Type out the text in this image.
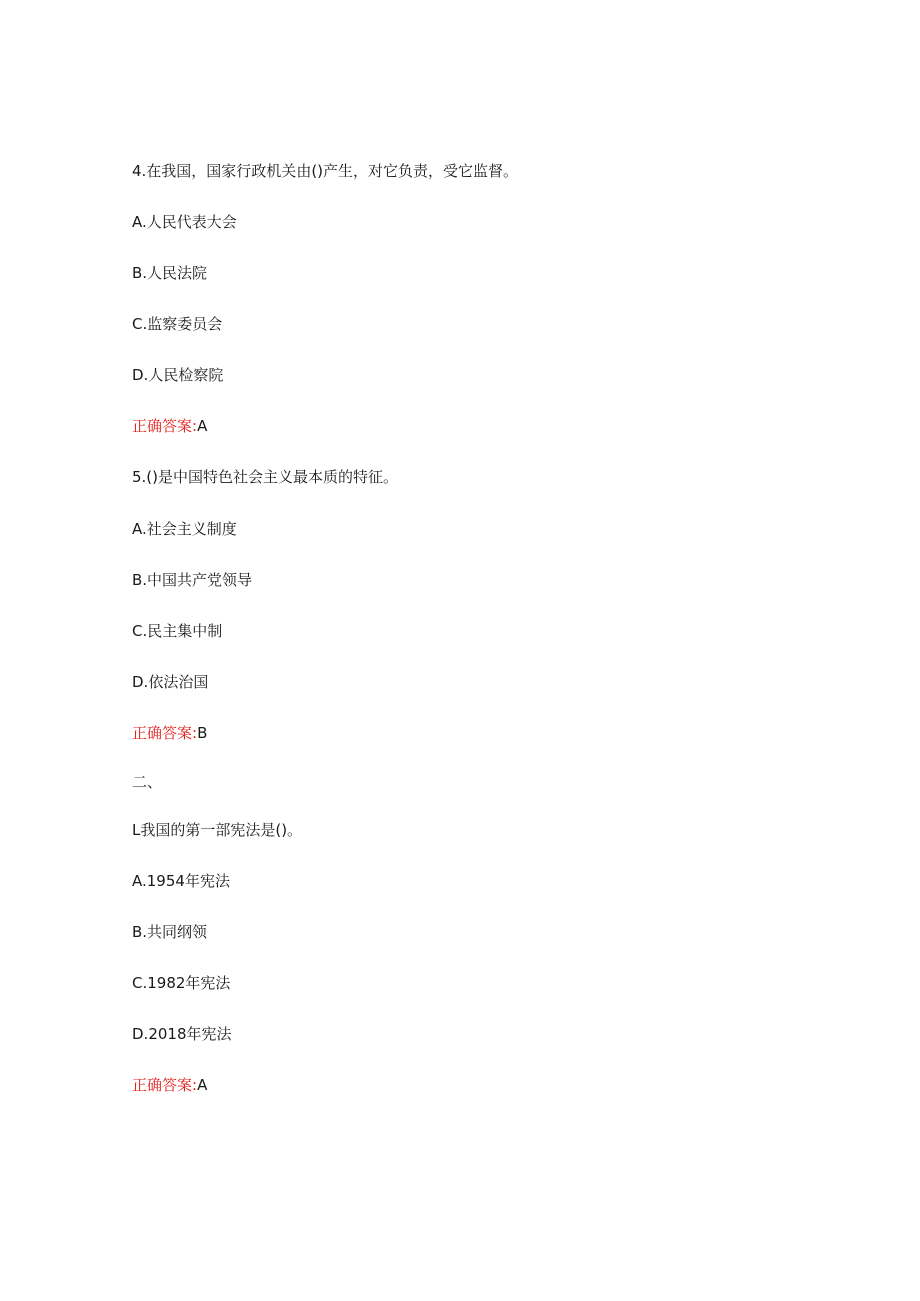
4.在我国，国家行政机关由()产生，对它负责，受它监督。
A.人民代表大会
B.人民法院
C.监察委员会
D.人民检察院
正确答案:A
5.()是中国特色社会主义最本质的特征。
A.社会主义制度
B.中国共产党领导
C.民主集中制
D.依法治国
正确答案:B
二、
L我国的第一部宪法是()。
A.1954年宪法
B.共同纲领
C.1982年宪法
D.2018年宪法
正确答案:A
